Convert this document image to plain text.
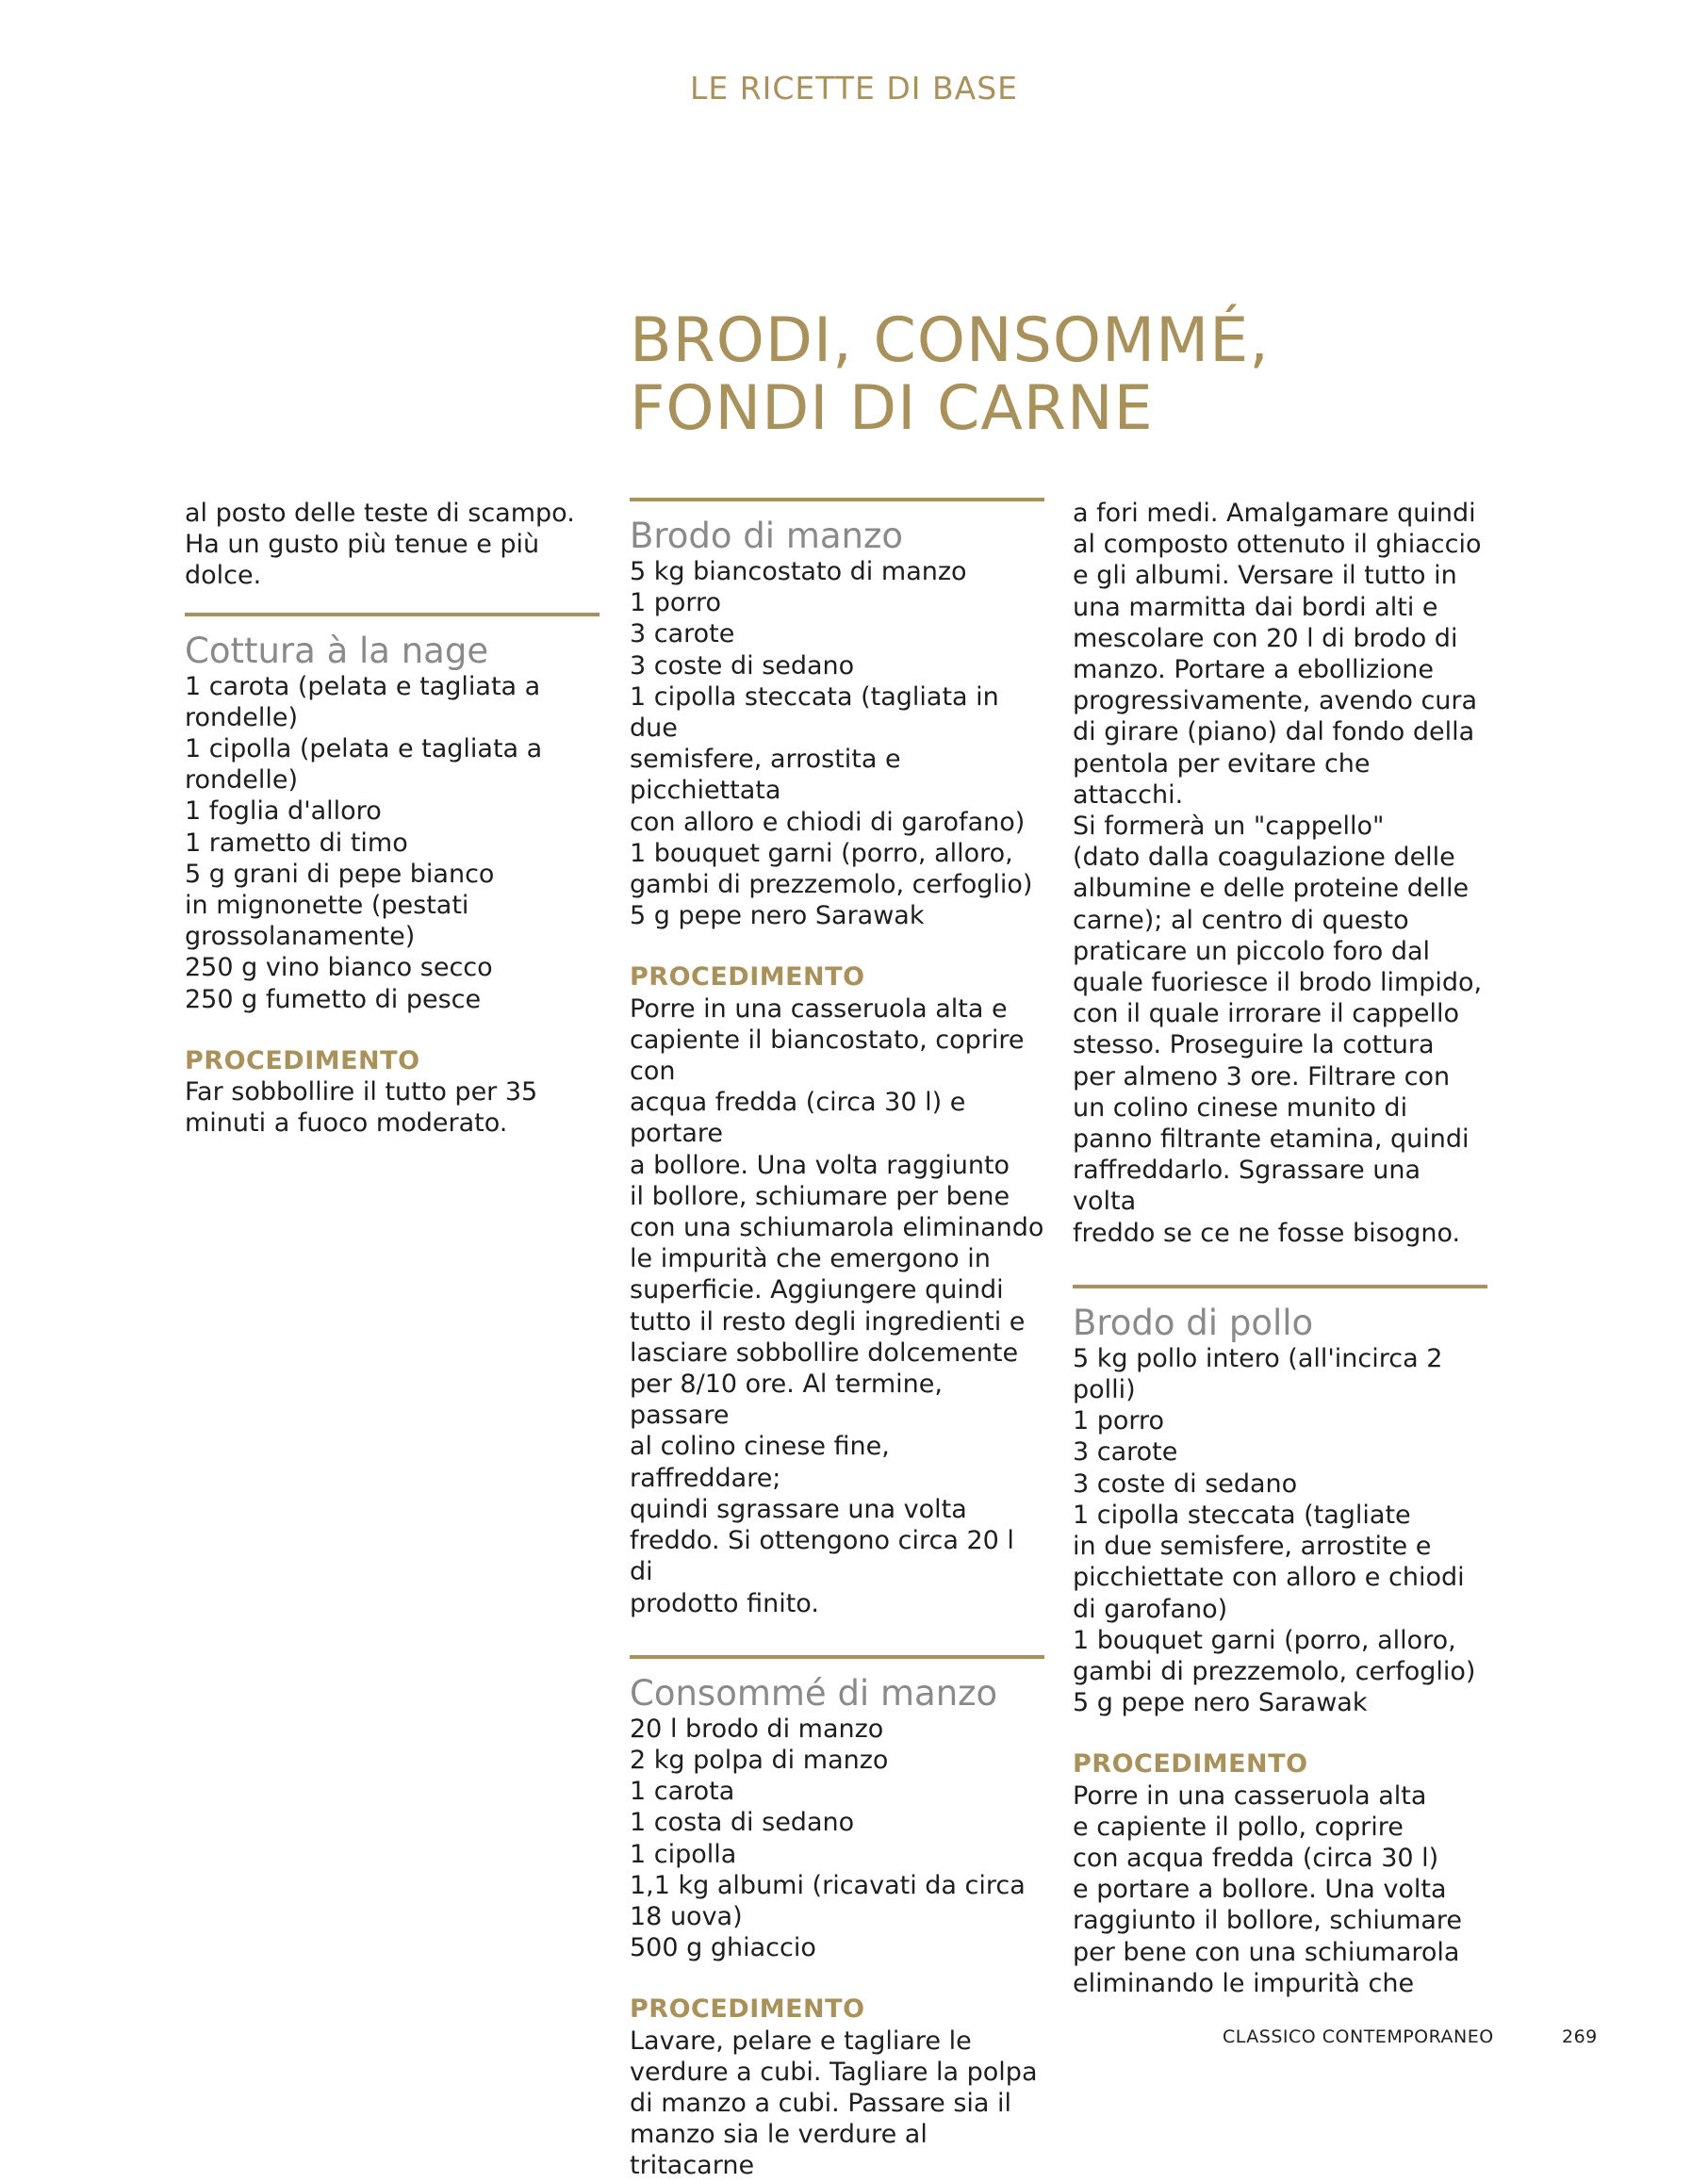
LE RICETTE DI BASE
BRODI, CONSOMMÉ,
FONDI DI CARNE
al posto delle teste di scampo.
Ha un gusto più tenue e più
dolce.
Cottura à la nage
1 carota (pelata e tagliata a
rondelle)
1 cipolla (pelata e tagliata a
rondelle)
1 foglia d'alloro
1 rametto di timo
5 g grani di pepe bianco
in mignonette (pestati
grossolanamente)
250 g vino bianco secco
250 g fumetto di pesce
PROCEDIMENTO
Far sobbollire il tutto per 35
minuti a fuoco moderato.
Brodo di manzo
5 kg biancostato di manzo
1 porro
3 carote
3 coste di sedano
1 cipolla steccata (tagliata in due
semisfere, arrostita e picchiettata
con alloro e chiodi di garofano)
1 bouquet garni (porro, alloro,
gambi di prezzemolo, cerfoglio)
5 g pepe nero Sarawak
PROCEDIMENTO
Porre in una casseruola alta e
capiente il biancostato, coprire con
acqua fredda (circa 30 l) e portare
a bollore. Una volta raggiunto
il bollore, schiumare per bene
con una schiumarola eliminando
le impurità che emergono in
superficie. Aggiungere quindi
tutto il resto degli ingredienti e
lasciare sobbollire dolcemente
per 8/10 ore. Al termine, passare
al colino cinese fine, raffreddare;
quindi sgrassare una volta
freddo. Si ottengono circa 20 l di
prodotto finito.
Consommé di manzo
20 l brodo di manzo
2 kg polpa di manzo
1 carota
1 costa di sedano
1 cipolla
1,1 kg albumi (ricavati da circa
18 uova)
500 g ghiaccio
PROCEDIMENTO
Lavare, pelare e tagliare le
verdure a cubi. Tagliare la polpa
di manzo a cubi. Passare sia il
manzo sia le verdure al tritacarne
a fori medi. Amalgamare quindi
al composto ottenuto il ghiaccio
e gli albumi. Versare il tutto in
una marmitta dai bordi alti e
mescolare con 20 l di brodo di
manzo. Portare a ebollizione
progressivamente, avendo cura
di girare (piano) dal fondo della
pentola per evitare che attacchi.
Si formerà un "cappello"
(dato dalla coagulazione delle
albumine e delle proteine delle
carne); al centro di questo
praticare un piccolo foro dal
quale fuoriesce il brodo limpido,
con il quale irrorare il cappello
stesso. Proseguire la cottura
per almeno 3 ore. Filtrare con
un colino cinese munito di
panno filtrante etamina, quindi
raffreddarlo. Sgrassare una volta
freddo se ce ne fosse bisogno.
Brodo di pollo
5 kg pollo intero (all'incirca 2
polli)
1 porro
3 carote
3 coste di sedano
1 cipolla steccata (tagliate
in due semisfere, arrostite e
picchiettate con alloro e chiodi
di garofano)
1 bouquet garni (porro, alloro,
gambi di prezzemolo, cerfoglio)
5 g pepe nero Sarawak
PROCEDIMENTO
Porre in una casseruola alta
e capiente il pollo, coprire
con acqua fredda (circa 30 l)
e portare a bollore. Una volta
raggiunto il bollore, schiumare
per bene con una schiumarola
eliminando le impurità che
CLASSICO CONTEMPORANEO	269
